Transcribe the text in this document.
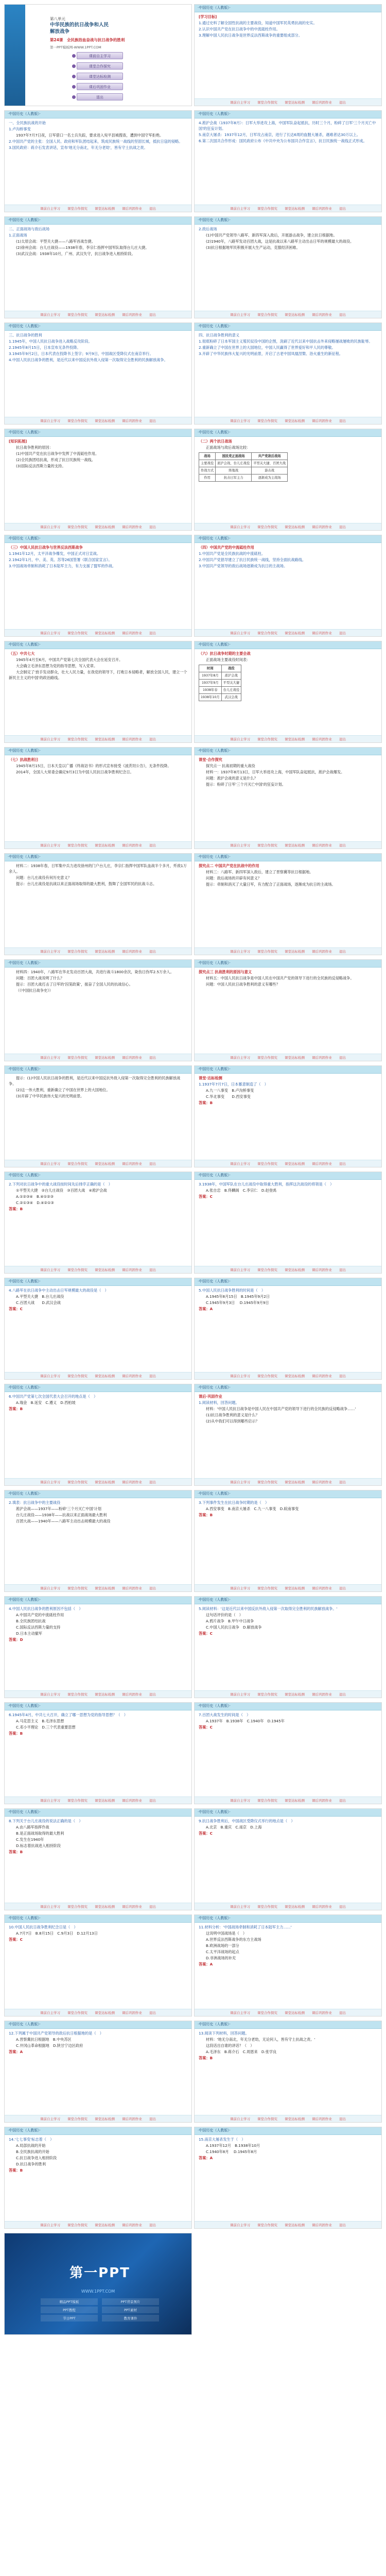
第八单元
中华民族的抗日战争和人民
解放战争
第24课　全民族浴血奋战与抗日战争的胜利
第一PPT模板网-WWW.1PPT.COM
课前自主学习
课堂合作探究
课堂达标检测
课后巩固作业
退出
·中国历史（人教版）·

[学习目标]

1.通过史料了解全国性抗战的主要战役，知道中国军民英勇抗战的史实。

2.认识中国共产党在抗日战争中的中流砥柱作用。

3.理解中国人民抗日战争是世界反法西斯战争的重要组成部分。

课前自主学习 课堂合作探究 课堂达标检测 课后巩固作业 退出
·中国历史（人教版）·

一、全民族抗战的开始

1.卢沟桥事变

1937年7月7日夜，日军借口一名士兵失踪，要求进入宛平县城搜查，遭到中国守军拒绝。

2.中国共产党的主张：全国人民、政府和军队团结起来，筑成民族统一战线的坚固长城，抵抗日寇的侵略。

3.国民政府：蒋介石发表讲话，宣布'地无分南北，年无分老幼'，皆有守土抗战之责。

课前自主学习 课堂合作探究 课堂达标检测 课后巩固作业 退出
·中国历史（人教版）·

4.淞沪会战（1937年8月）：日军大举进攻上海，中国军队奋起抵抗，历时三个月，粉碎了日军'三个月灭亡中国'的狂妄计划。

5.南京大屠杀：1937年12月，日军攻占南京，进行了长达6周的血腥大屠杀，遇难者达30万以上。

6.第二次国共合作形成：国民政府公布《中共中央为公布国共合作宣言》，抗日民族统一战线正式形成。

课前自主学习 课堂合作探究 课堂达标检测 课后巩固作业 退出
·中国历史（人教版）·

二、正面战场与敌后战场

1.正面战场

(1)太原会战：平型关大捷——八路军首战告捷。

(2)徐州会战：台儿庄战役——1938年春，李宗仁指挥中国军队取得台儿庄大捷。

(3)武汉会战：1938年10月，广州、武汉失守，抗日战争进入相持阶段。

课前自主学习 课堂合作探究 课堂达标检测 课后巩固作业 退出
·中国历史（人教版）·

2.敌后战场

(1)中国共产党领导八路军、新四军深入敌后，开展游击战争，建立抗日根据地。

(2)1940年，八路军发动百团大战，这是抗战以来八路军主动出击日军的规模最大的战役。

(3)抗日根据地军民积极开展大生产运动，克服经济困难。

课前自主学习 课堂合作探究 课堂达标检测 课后巩固作业 退出
·中国历史（人教版）·

三、抗日战争的胜利

1.1945年，中国人民抗日战争进入战略反攻阶段。

2.1945年8月15日，日本宣布无条件投降。

3.1945年9月2日，日本代表在投降书上签字；9月9日，中国战区受降仪式在南京举行。

4.中国人民抗日战争的胜利，是近代以来中国反抗外敌入侵第一次取得完全胜利的民族解放战争。

课前自主学习 课堂合作探究 课堂达标检测 课后巩固作业 退出
·中国历史（人教版）·

四、抗日战争胜利的意义

1.彻底粉碎了日本军国主义殖民奴役中国的企图，洗刷了近代以来中国抗击外来侵略屡战屡败的民族耻辱。

2.重新确立了中国在世界上的大国地位，中国人民赢得了世界爱好和平人民的尊敬。

3.开辟了中华民族伟大复兴的光明前景，开启了古老中国凤凰涅槃、浴火重生的新征程。

课前自主学习 课堂合作探究 课堂达标检测 课后巩固作业 退出
·中国历史（人教版）·

[知识拓展]

抗日战争胜利的原因：

(1)中国共产党在抗日战争中发挥了中流砥柱作用。

(2)全民族团结抗战，形成了抗日民族统一战线。

(3)国际反法西斯力量的支持。

课前自主学习 课堂合作探究 课堂达标检测 课后巩固作业 退出
·中国历史（人教版）·

（二）两个抗日战场

正面战场与敌后战场比较：

战场	国民党正面战场	共产党敌后战场
主要战役	淞沪会战、台儿庄战役	平型关大捷、百团大战
作战方式	阵地战	游击战
作用	抗击日军主力	逐渐成为主战场
课前自主学习 课堂合作探究 课堂达标检测 课后巩固作业 退出
·中国历史（人教版）·

（三）中国人民抗日战争与世界反法西斯战争

1.1941年12月，太平洋战争爆发，中国正式对日宣战。

2.1942年1月，中、美、英、苏等26国签署《联合国家宣言》。

3.中国战场牵制和消耗了日本陆军主力，有力支援了盟军的作战。

课前自主学习 课堂合作探究 课堂达标检测 课后巩固作业 退出
·中国历史（人教版）·

（四）中国共产党的中流砥柱作用

1.中国共产党是全民族抗战的中流砥柱。

2.中国共产党倡导建立了抗日民族统一战线，坚持全面抗战路线。

3.中国共产党领导的敌后战场逐渐成为抗日的主战场。

课前自主学习 课堂合作探究 课堂达标检测 课后巩固作业 退出
·中国历史（人教版）·

（五）中共七大

1945年4月至6月，中国共产党第七次全国代表大会在延安召开。

大会确立毛泽东思想为党的指导思想，写入党章。

大会制定了'放手发动群众，壮大人民力量，在我党的领导下，打败日本侵略者，解放全国人民，建立一个新民主主义的中国'的政治路线。

课前自主学习 课堂合作探究 课堂达标检测 课后巩固作业 退出
·中国历史（人教版）·

（六）抗日战争时期的主要会战

正面战场主要战役时间表：

时间	战役
1937年8月	淞沪会战
1937年9月	平型关大捷
1938年春	台儿庄战役
1938年10月	武汉会战
课前自主学习 课堂合作探究 课堂达标检测 课后巩固作业 退出
·中国历史（人教版）·

（七）抗战胜利日

1945年8月15日，日本天皇以广播《终战诏书》的形式宣布接受《波茨坦公告》，无条件投降。

2014年，全国人大常委会确定9月3日为中国人民抗日战争胜利纪念日。

课前自主学习 课堂合作探究 课堂达标检测 课后巩固作业 退出
·中国历史（人教版）·

课堂·合作探究

探究点一 抗战初期的重大战役

材料一：1937年8月13日，日军大举进攻上海，中国军队奋起抵抗，淞沪会战爆发。

问题：淞沪会战的意义是什么？

提示：粉碎了日军'三个月灭亡中国'的狂妄计划。

课前自主学习 课堂合作探究 课堂达标检测 课后巩固作业 退出
·中国历史（人教版）·

材料二：1938年春，日军集中兵力进攻徐州的门户台儿庄，李宗仁指挥中国军队血战半个多月，歼敌1万余人。

问题：台儿庄战役有何历史意义？

提示：台儿庄战役是抗战以来正面战场取得的最大胜利，鼓舞了全国军民的抗战斗志。

课前自主学习 课堂合作探究 课堂达标检测 课后巩固作业 退出
·中国历史（人教版）·

探究点二 中国共产党在抗战中的作用

材料三：八路军、新四军深入敌后，建立了晋察冀等抗日根据地。

问题：敌后战场的开辟有何意义？

提示：牵制和消灭了大量日军，有力配合了正面战场，逐渐成为抗日的主战场。

课前自主学习 课堂合作探究 课堂达标检测 课后巩固作业 退出
·中国历史（人教版）·

材料四：1940年，八路军在华北发动百团大战，共进行战斗1800余次，毙伤日伪军2.5万余人。

问题：百团大战说明了什么？

提示：百团大战打击了日军的'囚笼政策'，振奋了全国人民的抗战信心。

（《中国抗日战争史》）

课前自主学习 课堂合作探究 课堂达标检测 课后巩固作业 退出
·中国历史（人教版）·

探究点三 抗战胜利的原因与意义

材料五：中国人民抗日战争是中国人民在中国共产党的领导下进行的全民族的反侵略战争。

问题：中国人民抗日战争胜利的意义有哪些？

课前自主学习 课堂合作探究 课堂达标检测 课后巩固作业 退出
·中国历史（人教版）·

提示：(1)中国人民抗日战争的胜利，是近代以来中国反抗外敌入侵第一次取得完全胜利的民族解放战争。

(2)这一伟大胜利，重新确立了中国在世界上的大国地位。

(3)开辟了中华民族伟大复兴的光明前景。

课前自主学习 课堂合作探究 课堂达标检测 课后巩固作业 退出
·中国历史（人教版）·

课堂·达标检测

1.1937年7月7日，日本蓄意制造了（　）

A.九一八事变　B.卢沟桥事变

C.华北事变　　D.西安事变

答案：B

课前自主学习 课堂合作探究 课堂达标检测 课后巩固作业 退出
·中国历史（人教版）·

2.下列对抗日战争中的重大战役按时间先后排序正确的是（　）

①平型关大捷　②台儿庄战役　③百团大战　④淞沪会战

A.①②③④　B.④①②③

C.②①③④　D.④②①③

答案：B

课前自主学习 课堂合作探究 课堂达标检测 课后巩固作业 退出
·中国历史（人教版）·

3.1938年，中国军队在台儿庄战役中取得重大胜利，指挥这次战役的将领是（　）

A.张自忠　B.佟麟阁　C.李宗仁　D.赵登禹

答案：C

课前自主学习 课堂合作探究 课堂达标检测 课后巩固作业 退出
·中国历史（人教版）·

4.八路军在抗日战争中主动出击日军规模最大的战役是（　）

A.平型关大捷　B.台儿庄战役

C.百团大战　　D.武汉会战

答案：C

课前自主学习 课堂合作探究 课堂达标检测 课后巩固作业 退出
·中国历史（人教版）·

5.中国人民抗日战争胜利的时间是（　）

A.1945年8月15日　B.1945年9月2日

C.1945年9月3日　 D.1945年9月9日

答案：A

课前自主学习 课堂合作探究 课堂达标检测 课后巩固作业 退出
·中国历史（人教版）·

6.中国共产党第七次全国代表大会召开的地点是（　）

A.瑞金　B.延安　C.遵义　D.西柏坡

答案：B

课前自主学习 课堂合作探究 课堂达标检测 课后巩固作业 退出
·中国历史（人教版）·

课后·巩固作业

1.阅读材料，回答问题。

材料：'中国人民抗日战争是中国人民在中国共产党的领导下进行的全民族的反侵略战争……'

(1)抗日战争胜利的意义是什么？

(2)从中我们可以得到哪些启示？

课前自主学习 课堂合作探究 课堂达标检测 课后巩固作业 退出
·中国历史（人教版）·

2.填表：抗日战争中的主要战役

淞沪会战——1937年——粉碎'三个月灭亡中国'计划

台儿庄战役——1938年——抗战以来正面战场最大胜利

百团大战——1940年——八路军主动出击规模最大的战役

课前自主学习 课堂合作探究 课堂达标检测 课后巩固作业 退出
·中国历史（人教版）·

3.下列事件发生在抗日战争时期的是（　）

A.西安事变　B.南京大屠杀　C.九一八事变　D.皖南事变

答案：B

课前自主学习 课堂合作探究 课堂达标检测 课后巩固作业 退出
·中国历史（人教版）·

4.中国人民抗日战争的胜利原因不包括（　）

A.中国共产党的中流砥柱作用

B.全民族团结抗战

C.国际反法西斯力量的支持

D.日本主动撤军

答案：D

课前自主学习 课堂合作探究 课堂达标检测 课后巩固作业 退出
·中国历史（人教版）·

5.阅读材料：'这是近代以来中国反抗外敌入侵第一次取得完全胜利的民族解放战争。'

这句话评价的是（　）

A.鸦片战争　B.甲午中日战争

C.中国人民抗日战争　D.解放战争

答案：C

课前自主学习 课堂合作探究 课堂达标检测 课后巩固作业 退出
·中国历史（人教版）·

6.1945年4月，中共七大召开，确立了哪一思想为党的指导思想？（　）

A.马克思主义　B.毛泽东思想

C.邓小平理论　D.三个代表重要思想

答案：B

课前自主学习 课堂合作探究 课堂达标检测 课后巩固作业 退出
·中国历史（人教版）·

7.百团大战发生的时间是（　）

A.1937年　B.1938年　C.1940年　D.1945年

答案：C

课前自主学习 课堂合作探究 课堂达标检测 课后巩固作业 退出
·中国历史（人教版）·

8.下列关于台儿庄战役的说法正确的是（　）

A.由八路军指挥作战

B.是正面战场取得的最大胜利

C.发生在1940年

D.标志着抗战进入相持阶段

答案：B

课前自主学习 课堂合作探究 课堂达标检测 课后巩固作业 退出
·中国历史（人教版）·

9.抗日战争胜利后，中国战区受降仪式举行的地点是（　）

A.北京　B.重庆　C.南京　D.上海

答案：C

课前自主学习 课堂合作探究 课堂达标检测 课后巩固作业 退出
·中国历史（人教版）·

10.中国人民抗日战争胜利纪念日是（　）

A.7月7日　B.8月15日　C.9月3日　D.12月13日

答案：C

课前自主学习 课堂合作探究 课堂达标检测 课后巩固作业 退出
·中国历史（人教版）·

11.材料分析：'中国战场牵制和消耗了日本陆军主力……'

这说明中国战场是（　）

A.世界反法西斯战争的东方主战场

B.欧洲战场的一部分

C.太平洋战场的起点

D.非洲战场的补充

答案：A

课前自主学习 课堂合作探究 课堂达标检测 课后巩固作业 退出
·中国历史（人教版）·

12.下列属于中国共产党领导的敌后抗日根据地的是（　）

A.晋察冀抗日根据地　B.中央苏区

C.井冈山革命根据地　D.陕甘宁边区政府

答案：A

课前自主学习 课堂合作探究 课堂达标检测 课后巩固作业 退出
·中国历史（人教版）·

13.阅读下列材料，回答问题。

材料：'地无分南北，年无分老幼，无论何人，皆有守土抗战之责。'

这段话出自谁的讲话？（　）

A.毛泽东　B.蒋介石　C.周恩来　D.张学良

答案：B

课前自主学习 课堂合作探究 课堂达标检测 课后巩固作业 退出
·中国历史（人教版）·

14.'七七事变'标志着（　）

A.局部抗战的开始

B.全民族抗战的开始

C.抗日战争进入相持阶段

D.抗日战争的胜利

答案：B

课前自主学习 课堂合作探究 课堂达标检测 课后巩固作业 退出
·中国历史（人教版）·

15.南京大屠杀发生于（　）

A.1937年12月　B.1938年10月

C.1940年8月　 D.1945年8月

答案：A

课前自主学习 课堂合作探究 课堂达标检测 课后巩固作业 退出
第一PPT
WWW.1PPT.COM
精品PPT模板	PPT背景图片
PPT教程	PPT素材
节日PPT	教育课件
